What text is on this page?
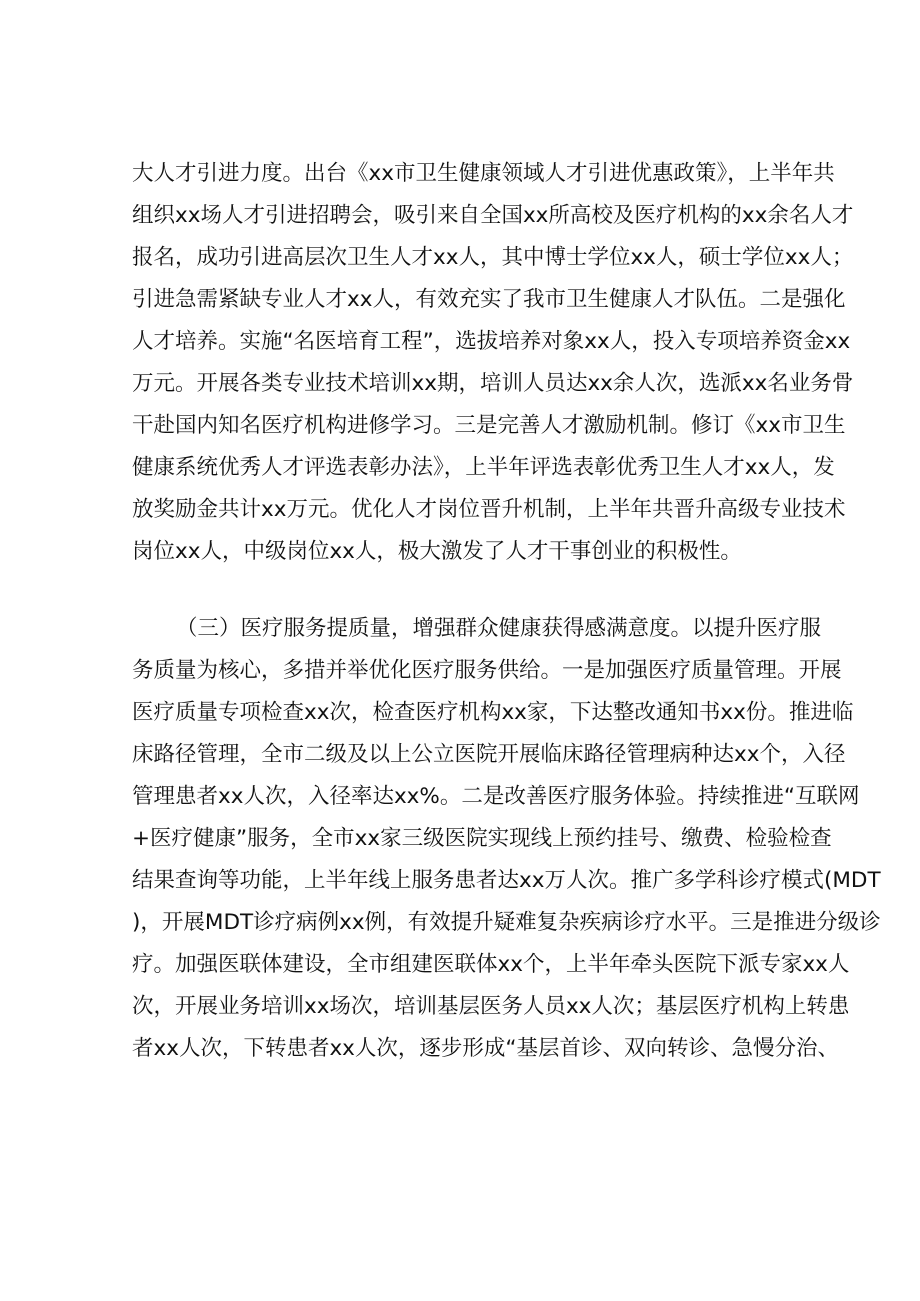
大人才引进力度。出台《xx市卫生健康领域人才引进优惠政策》，上半年共
组织xx场人才引进招聘会，吸引来自全国xx所高校及医疗机构的xx余名人才
报名，成功引进高层次卫生人才xx人，其中博士学位xx人，硕士学位xx人；
引进急需紧缺专业人才xx人，有效充实了我市卫生健康人才队伍。二是强化
人才培养。实施“名医培育工程”，选拔培养对象xx人，投入专项培养资金xx
万元。开展各类专业技术培训xx期，培训人员达xx余人次，选派xx名业务骨
干赴国内知名医疗机构进修学习。三是完善人才激励机制。修订《xx市卫生
健康系统优秀人才评选表彰办法》，上半年评选表彰优秀卫生人才xx人，发
放奖励金共计xx万元。优化人才岗位晋升机制，上半年共晋升高级专业技术
岗位xx人，中级岗位xx人，极大激发了人才干事创业的积极性。
（三）医疗服务提质量，增强群众健康获得感满意度。以提升医疗服
务质量为核心，多措并举优化医疗服务供给。一是加强医疗质量管理。开展
医疗质量专项检查xx次，检查医疗机构xx家，下达整改通知书xx份。推进临
床路径管理，全市二级及以上公立医院开展临床路径管理病种达xx个，入径
管理患者xx人次，入径率达xx%。二是改善医疗服务体验。持续推进“互联网
+医疗健康”服务，全市xx家三级医院实现线上预约挂号、缴费、检验检查
结果查询等功能，上半年线上服务患者达xx万人次。推广多学科诊疗模式(MDT
)，开展MDT诊疗病例xx例，有效提升疑难复杂疾病诊疗水平。三是推进分级诊
疗。加强医联体建设，全市组建医联体xx个，上半年牵头医院下派专家xx人
次，开展业务培训xx场次，培训基层医务人员xx人次；基层医疗机构上转患
者xx人次，下转患者xx人次，逐步形成“基层首诊、双向转诊、急慢分治、
